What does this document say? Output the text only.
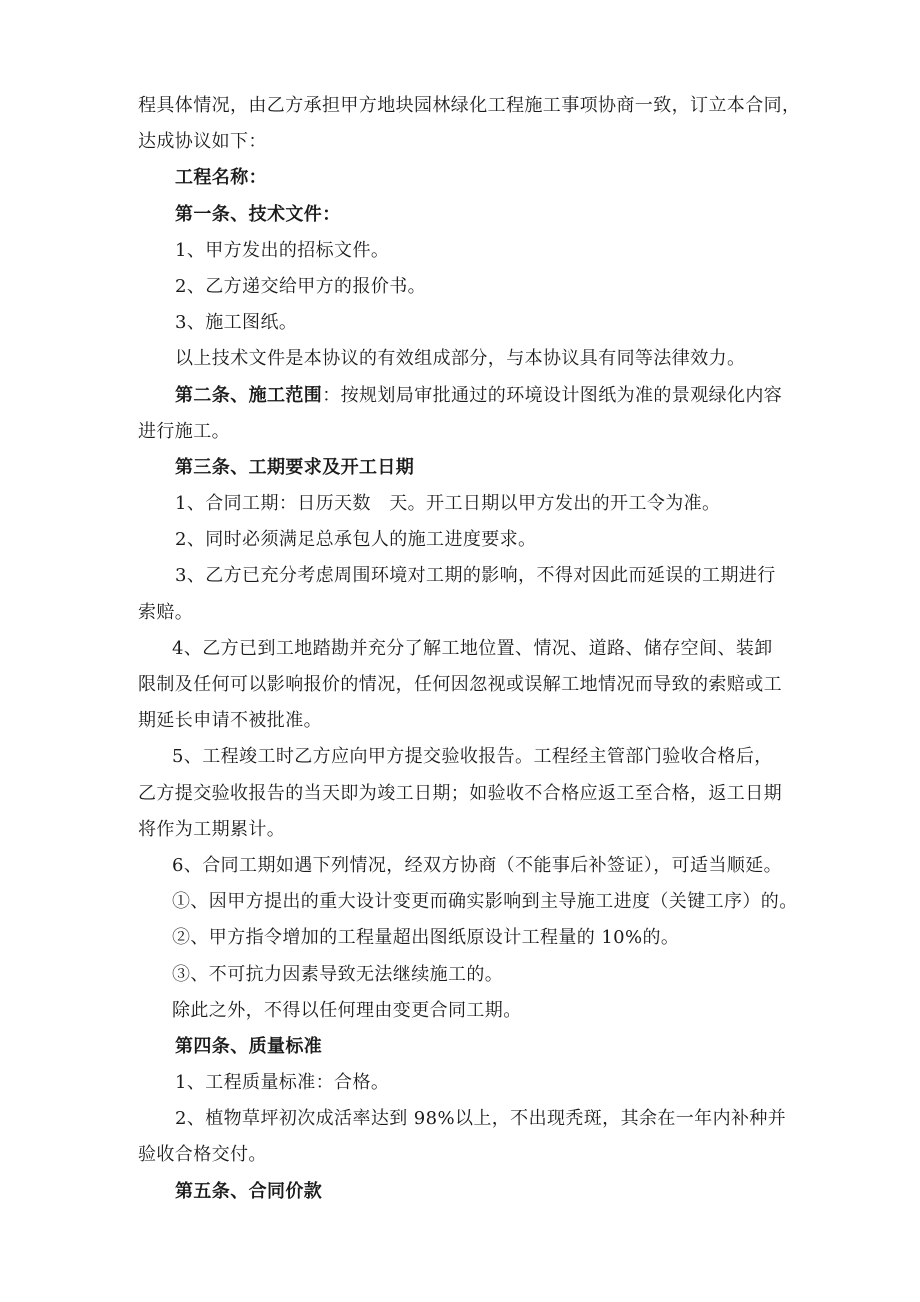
程具体情况，由乙方承担甲方地块园林绿化工程施工事项协商一致，订立本合同，
达成协议如下：
工程名称：
第一条、技术文件：
1、甲方发出的招标文件。
2、乙方递交给甲方的报价书。
3、施工图纸。
以上技术文件是本协议的有效组成部分，与本协议具有同等法律效力。
第二条、施工范围：按规划局审批通过的环境设计图纸为准的景观绿化内容
进行施工。
第三条、工期要求及开工日期
1、合同工期：日历天数　天。开工日期以甲方发出的开工令为准。
2、同时必须满足总承包人的施工进度要求。
3、乙方已充分考虑周围环境对工期的影响，不得对因此而延误的工期进行
索赔。
4、乙方已到工地踏勘并充分了解工地位置、情况、道路、储存空间、装卸
限制及任何可以影响报价的情况，任何因忽视或误解工地情况而导致的索赔或工
期延长申请不被批准。
5、工程竣工时乙方应向甲方提交验收报告。工程经主管部门验收合格后，
乙方提交验收报告的当天即为竣工日期；如验收不合格应返工至合格，返工日期
将作为工期累计。
6、合同工期如遇下列情况，经双方协商（不能事后补签证），可适当顺延。
①、因甲方提出的重大设计变更而确实影响到主导施工进度（关键工序）的。
②、甲方指令增加的工程量超出图纸原设计工程量的 10%的。
③、不可抗力因素导致无法继续施工的。
除此之外，不得以任何理由变更合同工期。
第四条、质量标准
1、工程质量标准：合格。
2、植物草坪初次成活率达到 98%以上，不出现秃斑，其余在一年内补种并
验收合格交付。
第五条、合同价款
